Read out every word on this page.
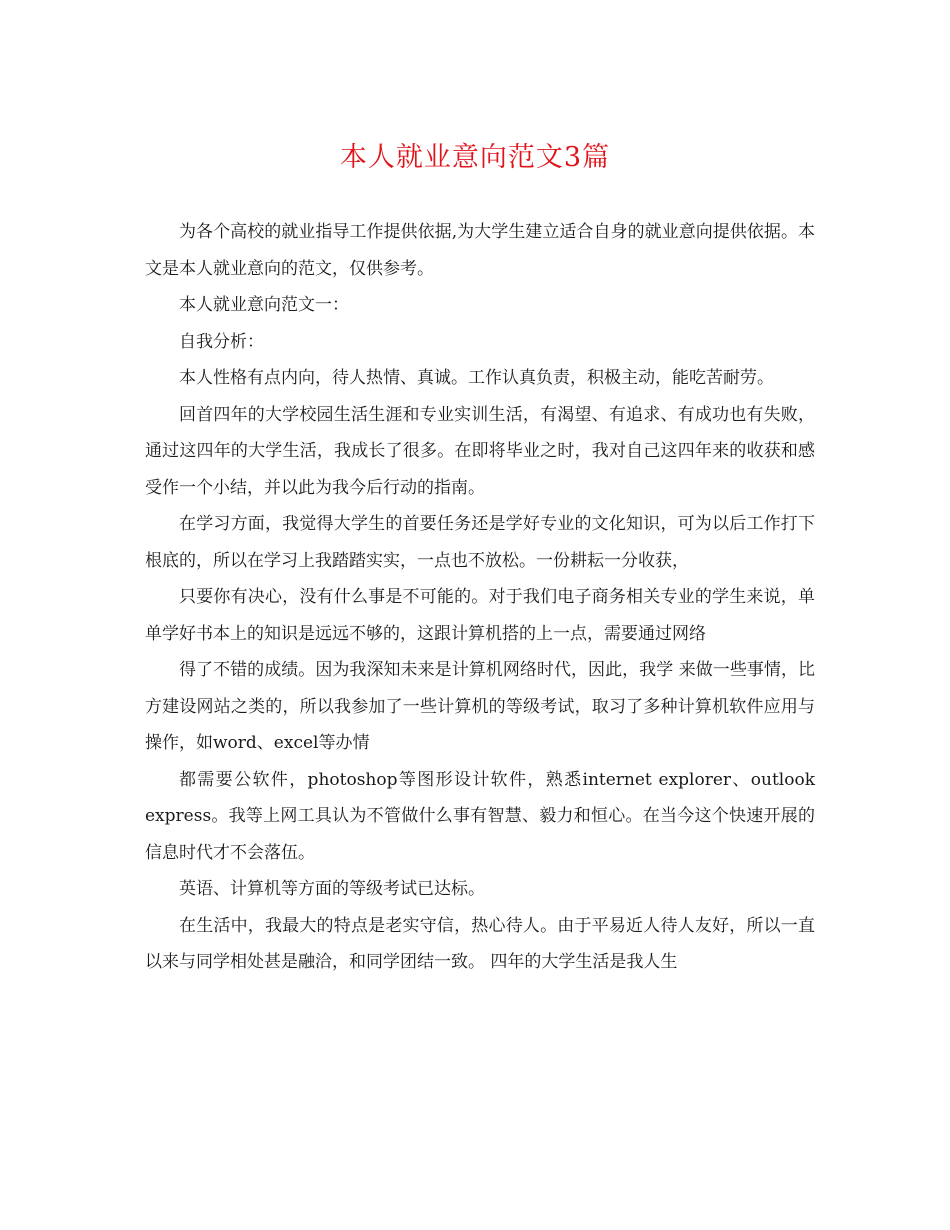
本人就业意向范文3篇

为各个高校的就业指导工作提供依据,为大学生建立适合自身的就业意向提供依据。本文是本人就业意向的范文，仅供参考。

本人就业意向范文一：

自我分析：

本人性格有点内向，待人热情、真诚。工作认真负责，积极主动，能吃苦耐劳。

回首四年的大学校园生活生涯和专业实训生活，有渴望、有追求、有成功也有失败，通过这四年的大学生活，我成长了很多。在即将毕业之时，我对自己这四年来的收获和感受作一个小结，并以此为我今后行动的指南。

在学习方面，我觉得大学生的首要任务还是学好专业的文化知识，可为以后工作打下根底的，所以在学习上我踏踏实实，一点也不放松。一份耕耘一分收获，

只要你有决心，没有什么事是不可能的。对于我们电子商务相关专业的学生来说，单单学好书本上的知识是远远不够的，这跟计算机搭的上一点，需要通过网络

得了不错的成绩。因为我深知未来是计算机网络时代，因此，我学 来做一些事情，比方建设网站之类的，所以我参加了一些计算机的等级考试，取习了多种计算机软件应用与操作，如word、excel等办情

都需要公软件，photoshop等图形设计软件，熟悉internet explorer、outlook express。我等上网工具认为不管做什么事有智慧、毅力和恒心。在当今这个快速开展的信息时代才不会落伍。

英语、计算机等方面的等级考试已达标。

在生活中，我最大的特点是老实守信，热心待人。由于平易近人待人友好，所以一直以来与同学相处甚是融洽，和同学团结一致。 四年的大学生活是我人生
